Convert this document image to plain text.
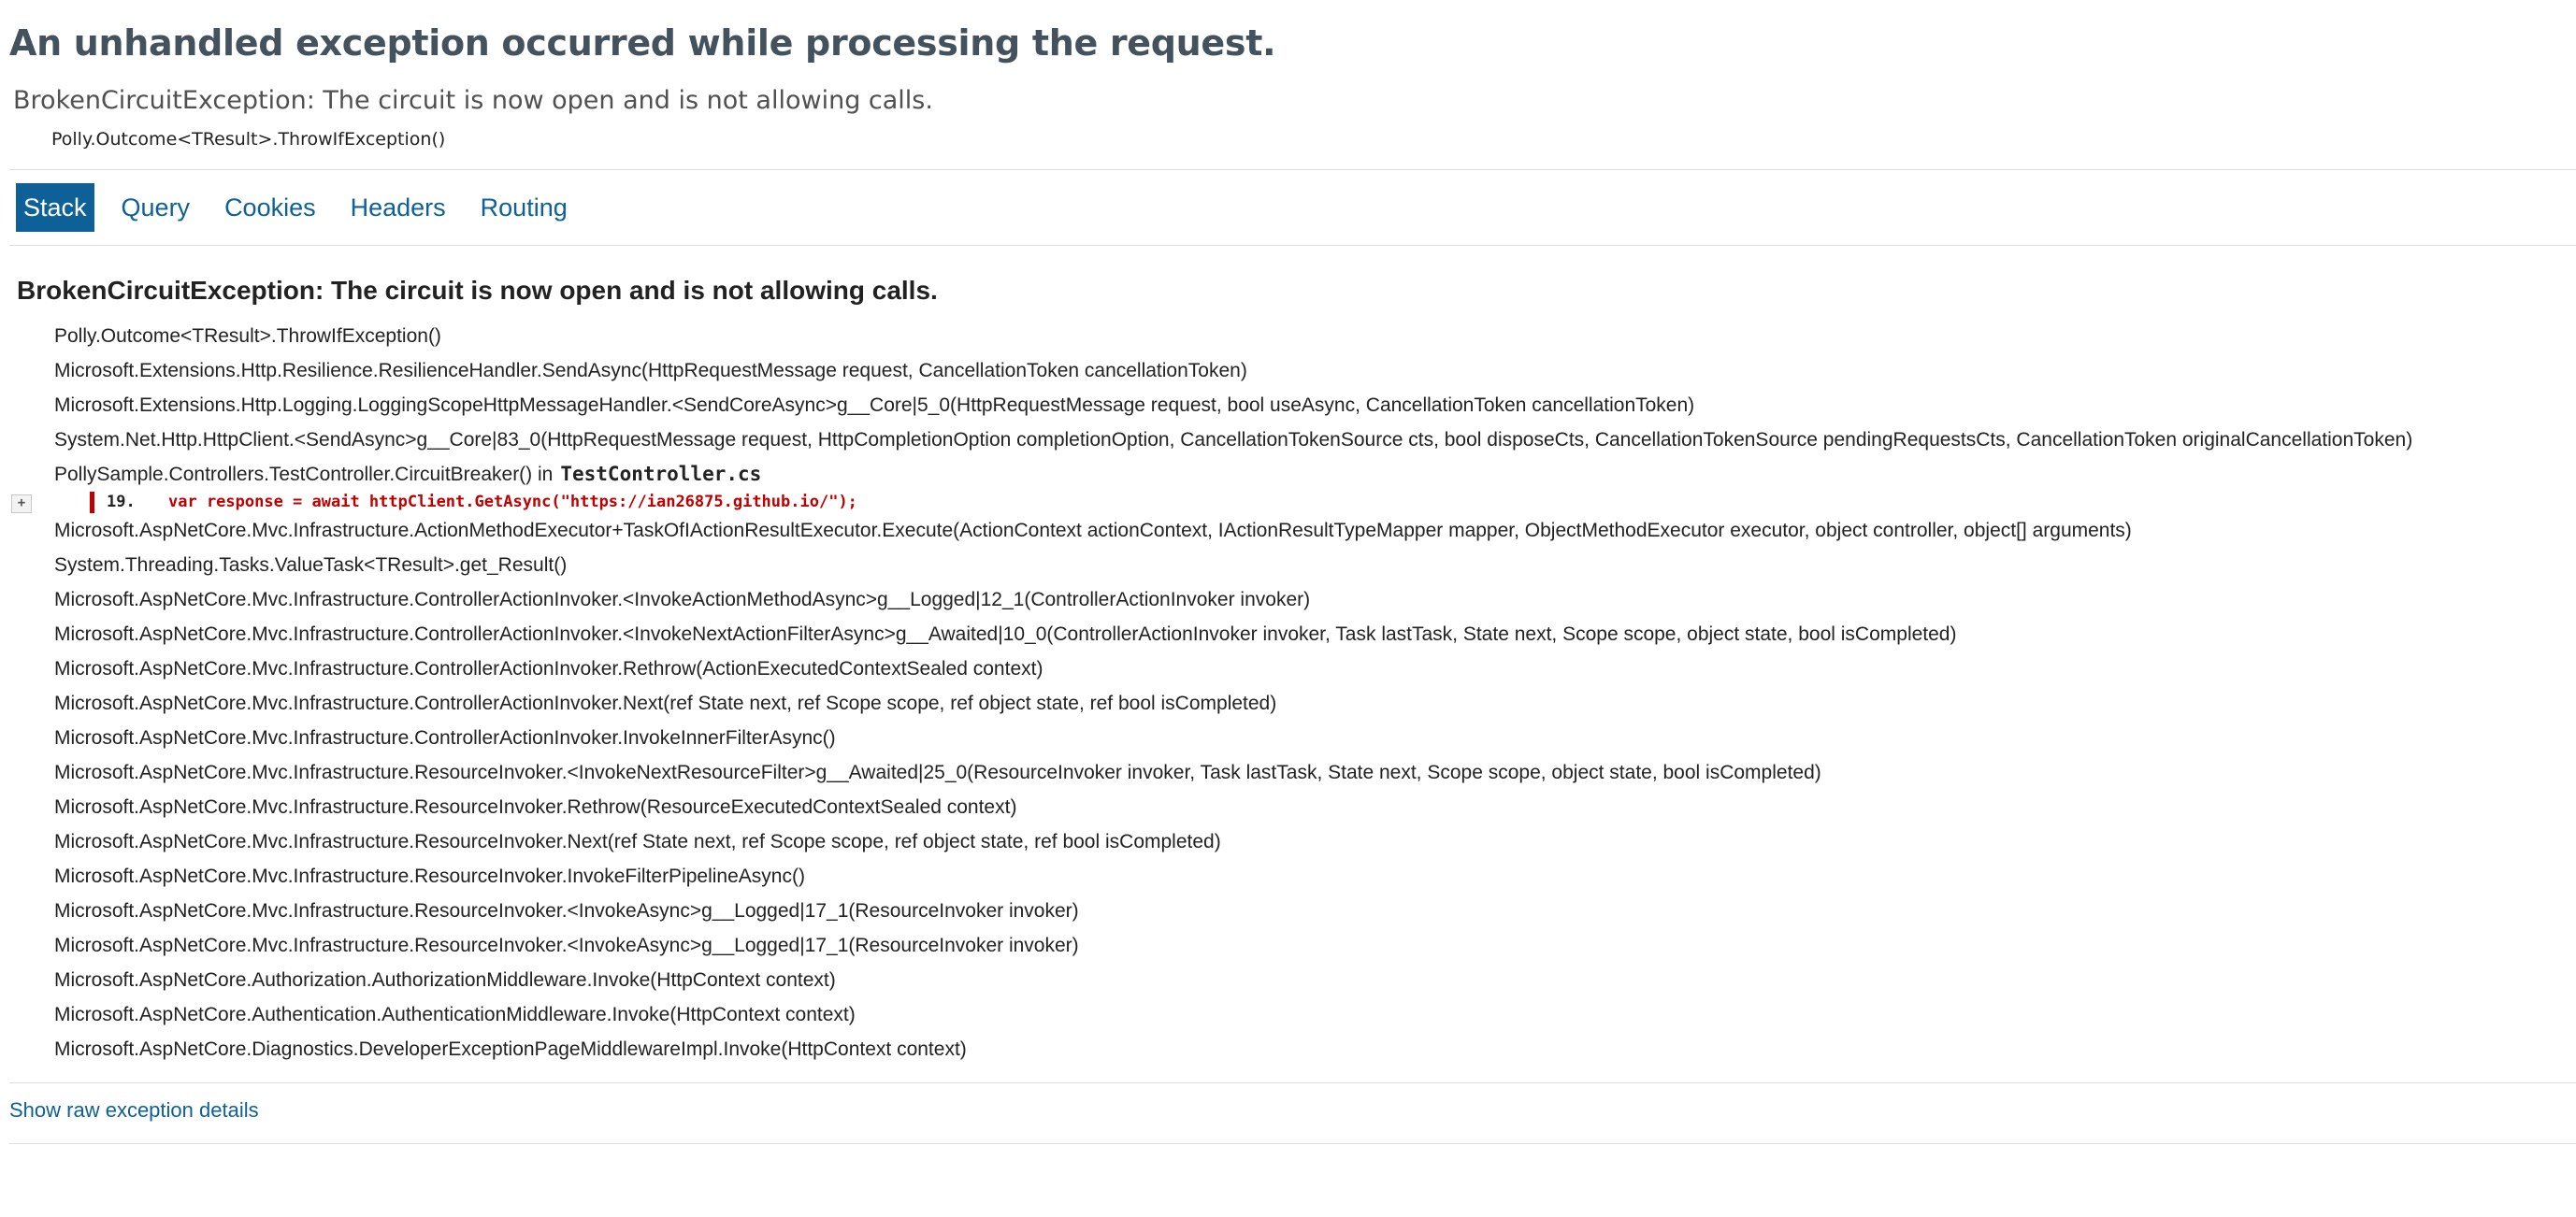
An unhandled exception occurred while processing the request.
BrokenCircuitException: The circuit is now open and is not allowing calls.
Polly.Outcome<TResult>.ThrowIfException()
Stack Query Cookies Headers Routing
BrokenCircuitException: The circuit is now open and is not allowing calls.
Polly.Outcome<TResult>.ThrowIfException()
Microsoft.Extensions.Http.Resilience.ResilienceHandler.SendAsync(HttpRequestMessage request, CancellationToken cancellationToken)
Microsoft.Extensions.Http.Logging.LoggingScopeHttpMessageHandler.<SendCoreAsync>g__Core|5_0(HttpRequestMessage request, bool useAsync, CancellationToken cancellationToken)
System.Net.Http.HttpClient.<SendAsync>g__Core|83_0(HttpRequestMessage request, HttpCompletionOption completionOption, CancellationTokenSource cts, bool disposeCts, CancellationTokenSource pendingRequestsCts, CancellationToken originalCancellationToken)
PollySample.Controllers.TestController.CircuitBreaker() in TestController.cs

+

	19.

var response = await httpClient.GetAsync("https://ian26875.github.io/");

Microsoft.AspNetCore.Mvc.Infrastructure.ActionMethodExecutor+TaskOfIActionResultExecutor.Execute(ActionContext actionContext, IActionResultTypeMapper mapper, ObjectMethodExecutor executor, object controller, object[] arguments)
System.Threading.Tasks.ValueTask<TResult>.get_Result()
Microsoft.AspNetCore.Mvc.Infrastructure.ControllerActionInvoker.<InvokeActionMethodAsync>g__Logged|12_1(ControllerActionInvoker invoker)
Microsoft.AspNetCore.Mvc.Infrastructure.ControllerActionInvoker.<InvokeNextActionFilterAsync>g__Awaited|10_0(ControllerActionInvoker invoker, Task lastTask, State next, Scope scope, object state, bool isCompleted)
Microsoft.AspNetCore.Mvc.Infrastructure.ControllerActionInvoker.Rethrow(ActionExecutedContextSealed context)
Microsoft.AspNetCore.Mvc.Infrastructure.ControllerActionInvoker.Next(ref State next, ref Scope scope, ref object state, ref bool isCompleted)
Microsoft.AspNetCore.Mvc.Infrastructure.ControllerActionInvoker.InvokeInnerFilterAsync()
Microsoft.AspNetCore.Mvc.Infrastructure.ResourceInvoker.<InvokeNextResourceFilter>g__Awaited|25_0(ResourceInvoker invoker, Task lastTask, State next, Scope scope, object state, bool isCompleted)
Microsoft.AspNetCore.Mvc.Infrastructure.ResourceInvoker.Rethrow(ResourceExecutedContextSealed context)
Microsoft.AspNetCore.Mvc.Infrastructure.ResourceInvoker.Next(ref State next, ref Scope scope, ref object state, ref bool isCompleted)
Microsoft.AspNetCore.Mvc.Infrastructure.ResourceInvoker.InvokeFilterPipelineAsync()
Microsoft.AspNetCore.Mvc.Infrastructure.ResourceInvoker.<InvokeAsync>g__Logged|17_1(ResourceInvoker invoker)
Microsoft.AspNetCore.Mvc.Infrastructure.ResourceInvoker.<InvokeAsync>g__Logged|17_1(ResourceInvoker invoker)
Microsoft.AspNetCore.Authorization.AuthorizationMiddleware.Invoke(HttpContext context)
Microsoft.AspNetCore.Authentication.AuthenticationMiddleware.Invoke(HttpContext context)
Microsoft.AspNetCore.Diagnostics.DeveloperExceptionPageMiddlewareImpl.Invoke(HttpContext context)
Show raw exception details
